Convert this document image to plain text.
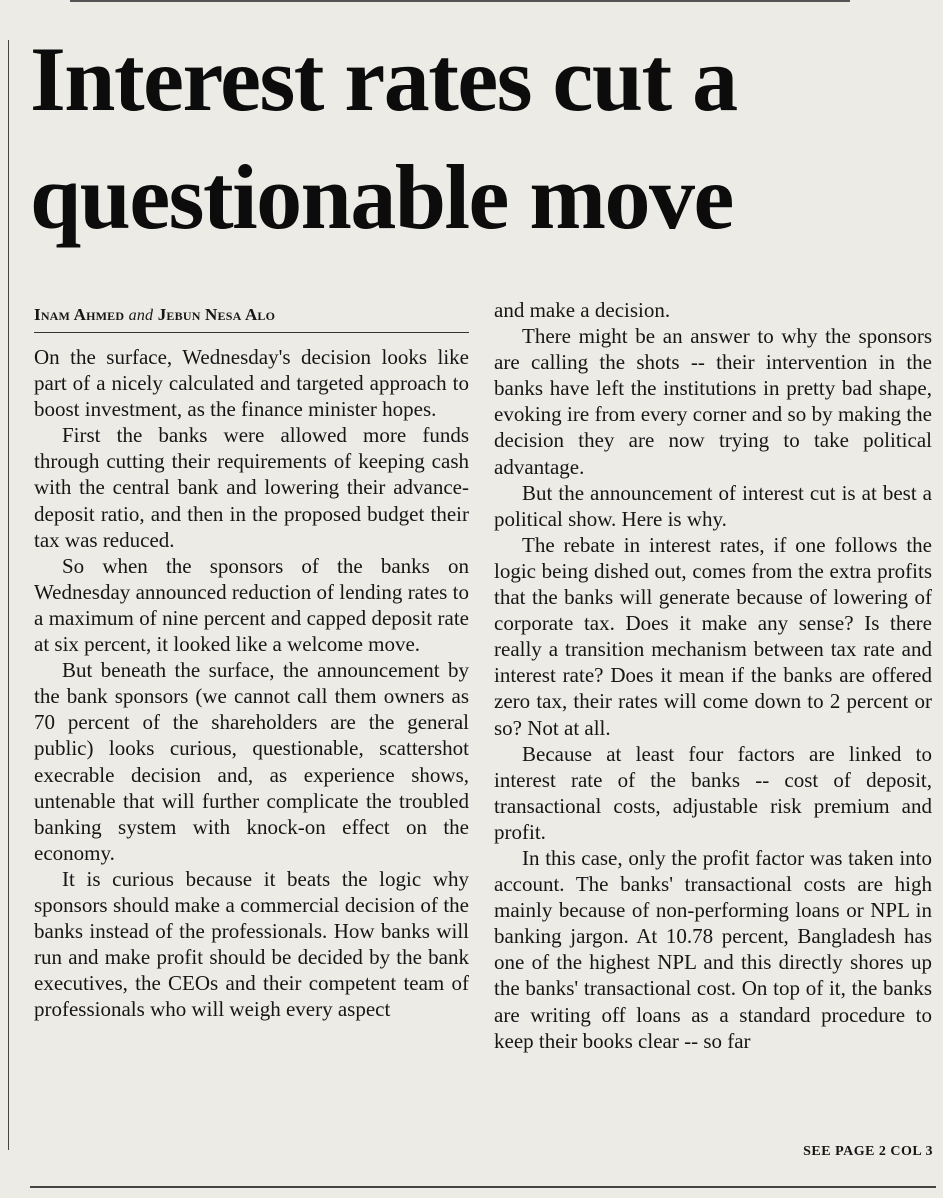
Interest rates cut a
questionable move
Inam Ahmed and Jebun Nesa Alo

On the surface, Wednesday's decision looks like part of a nicely calculated and targeted approach to boost investment, as the finance minister hopes.

First the banks were allowed more funds through cutting their requirements of keeping cash with the central bank and lowering their advance-deposit ratio, and then in the proposed budget their tax was reduced.

So when the sponsors of the banks on Wednesday announced reduction of lending rates to a maximum of nine percent and capped deposit rate at six percent, it looked like a welcome move.

But beneath the surface, the announcement by the bank sponsors (we cannot call them owners as 70 percent of the shareholders are the general public) looks curious, questionable, scattershot execrable decision and, as experience shows, untenable that will further complicate the troubled banking system with knock-on effect on the economy.

It is curious because it beats the logic why sponsors should make a commercial decision of the banks instead of the professionals. How banks will run and make profit should be decided by the bank executives, the CEOs and their competent team of professionals who will weigh every aspect

and make a decision.

There might be an answer to why the sponsors are calling the shots -- their intervention in the banks have left the institutions in pretty bad shape, evoking ire from every corner and so by making the decision they are now trying to take political advantage.

But the announcement of interest cut is at best a political show. Here is why.

The rebate in interest rates, if one follows the logic being dished out, comes from the extra profits that the banks will generate because of lowering of corporate tax. Does it make any sense? Is there really a transition mechanism between tax rate and interest rate? Does it mean if the banks are offered zero tax, their rates will come down to 2 percent or so? Not at all.

Because at least four factors are linked to interest rate of the banks -- cost of deposit, transactional costs, adjustable risk premium and profit.

In this case, only the profit factor was taken into account. The banks' transactional costs are high mainly because of non-performing loans or NPL in banking jargon. At 10.78 percent, Bangladesh has one of the highest NPL and this directly shores up the banks' transactional cost. On top of it, the banks are writing off loans as a standard procedure to keep their books clear -- so far

SEE PAGE 2 COL 3
